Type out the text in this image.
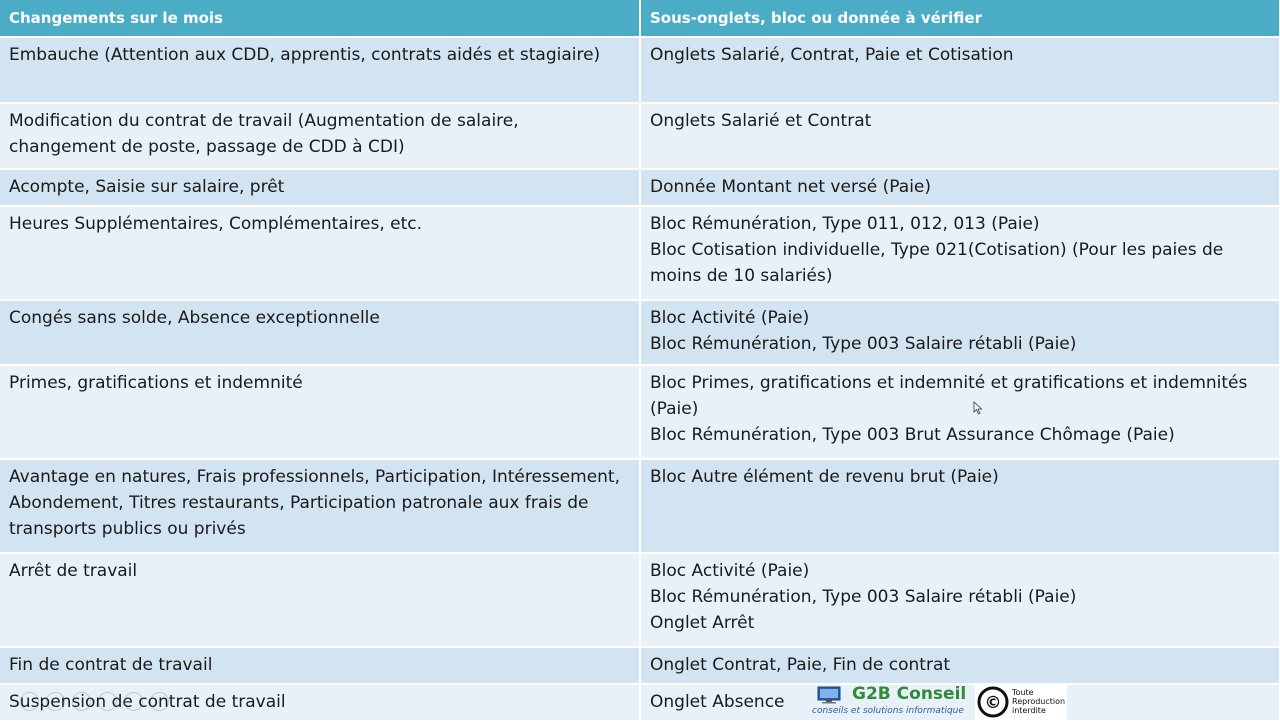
Changements sur le mois	Sous-onglets, bloc ou donnée à vérifier
Embauche (Attention aux CDD, apprentis, contrats aidés et stagiaire)	Onglets Salarié, Contrat, Paie et Cotisation

Modification du contrat de travail (Augmentation de salaire, changement de poste, passage de CDD à CDI)	Onglets Salarié et Contrat

Acompte, Saisie sur salaire, prêt	Donnée Montant net versé (Paie)

Heures Supplémentaires, Complémentaires, etc.	Bloc Rémunération, Type 011, 012, 013 (Paie)
Bloc Cotisation individuelle, Type 021(Cotisation) (Pour les paies de moins de 10 salariés)

Congés sans solde, Absence exceptionnelle	Bloc Activité (Paie)
Bloc Rémunération, Type 003 Salaire rétabli (Paie)

Primes, gratifications et indemnité	Bloc Primes, gratifications et indemnité et gratifications et indemnités (Paie)
Bloc Rémunération, Type 003 Brut Assurance Chômage (Paie)

Avantage en natures, Frais professionnels, Participation, Intéressement, Abondement, Titres restaurants, Participation patronale aux frais de transports publics ou privés	Bloc Autre élément de revenu brut (Paie)

Arrêt de travail	Bloc Activité (Paie)
Bloc Rémunération, Type 003 Salaire rétabli (Paie)
Onglet Arrêt

Fin de contrat de travail	Onglet Contrat, Paie, Fin de contrat

Suspension de contrat de travail	Onglet Absence	G2B Conseil
conseils et solutions informatique ©
Toute
Reproduction
interdite
